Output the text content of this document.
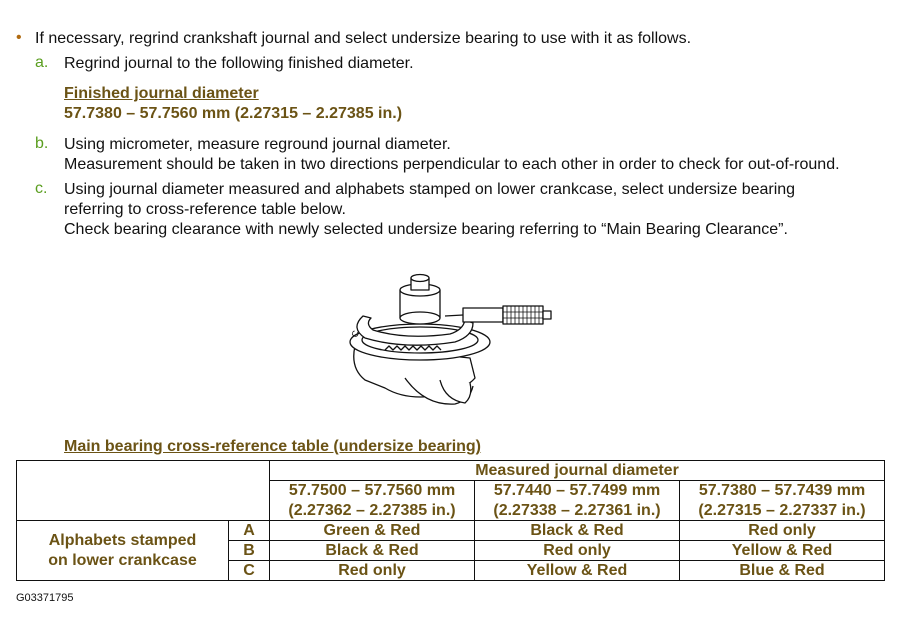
• If necessary, regrind crankshaft journal and select undersize bearing to use with it as follows.
a. Regrind journal to the following finished diameter.
Finished journal diameter
57.7380 – 57.7560 mm (2.27315 – 2.27385 in.)
b. Using micrometer, measure reground journal diameter.
Measurement should be taken in two directions perpendicular to each other in order to check for out-of-round.
c. Using journal diameter measured and alphabets stamped on lower crankcase, select undersize bearing
referring to cross-reference table below.
Check bearing clearance with newly selected undersize bearing referring to “Main Bearing Clearance”.
C
Main bearing cross-reference table (undersize bearing)
		Measured journal diameter		
		57.7500 – 57.7560 mm	57.7440 – 57.7499 mm	57.7380 – 57.7439 mm
		(2.27362 – 2.27385 in.)	(2.27338 – 2.27361 in.)	(2.27315 – 2.27337 in.)

Alphabets stamped
on lower crankcase	A	Green & Red	Black & Red	Red only
	B	Black & Red	Red only	Yellow & Red
	C	Red only	Yellow & Red	Blue & Red
G03371795
